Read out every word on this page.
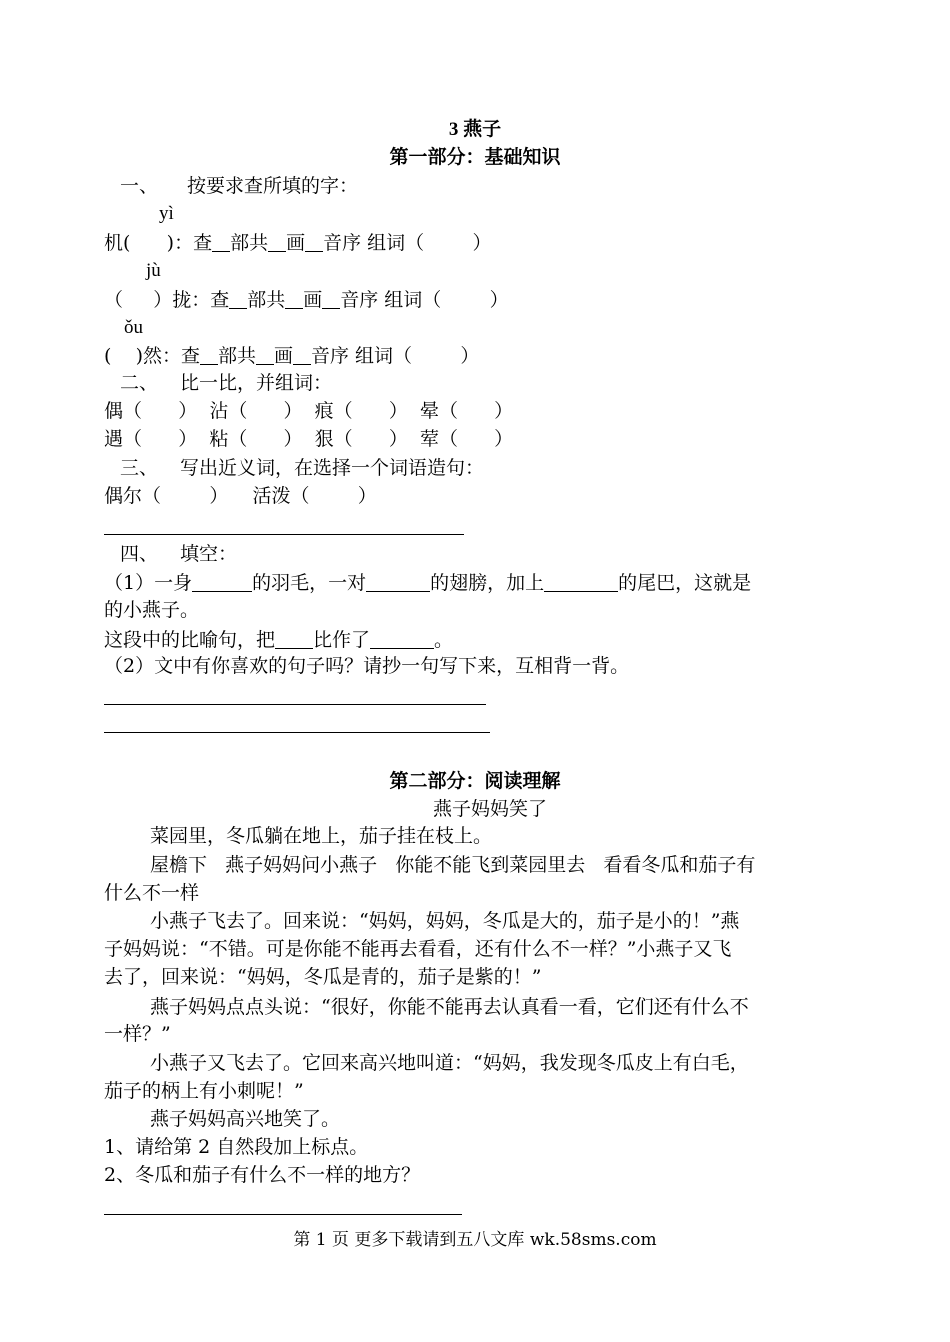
3 燕子
第一部分：基础知识
一、 按要求查所填的字：
yì
机(      )：查 部共 画 音序 组词（        ）
jù
（     ）拢：查 部共 画 音序 组词（        ）
ǒu
(    )然：查 部共 画 音序 组词（        ）
二、 比一比，并组词：
偶（      ）  沾（      ）  痕（      ）  晕（      ）
遇（      ）  粘（      ）  狠（      ）  荤（      ）
三、 写出近义词，在选择一个词语造句：
偶尔（        ）    活泼（        ）
四、 填空：
（1）一身	的羽毛，一对	的翅膀，加上	的尾巴，这就是
的小燕子。
这段中的比喻句，把 比作了	。
（2）文中有你喜欢的句子吗？请抄一句写下来，互相背一背。
第二部分：阅读理解
燕子妈妈笑了
菜园里，冬瓜躺在地上，茄子挂在枝上。
屋檐下   燕子妈妈问小燕子   你能不能飞到菜园里去   看看冬瓜和茄子有
什么不一样
小燕子飞去了。回来说：“妈妈，妈妈，冬瓜是大的，茄子是小的！”燕
子妈妈说：“不错。可是你能不能再去看看，还有什么不一样？”小燕子又飞
去了，回来说：“妈妈，冬瓜是青的，茄子是紫的！”
燕子妈妈点点头说：“很好，你能不能再去认真看一看，它们还有什么不
一样？”
小燕子又飞去了。它回来高兴地叫道：“妈妈，我发现冬瓜皮上有白毛，
茄子的柄上有小刺呢！”
燕子妈妈高兴地笑了。
1、请给第 2 自然段加上标点。
2、冬瓜和茄子有什么不一样的地方？
第 1 页 更多下载请到五八文库 wk.58sms.com
